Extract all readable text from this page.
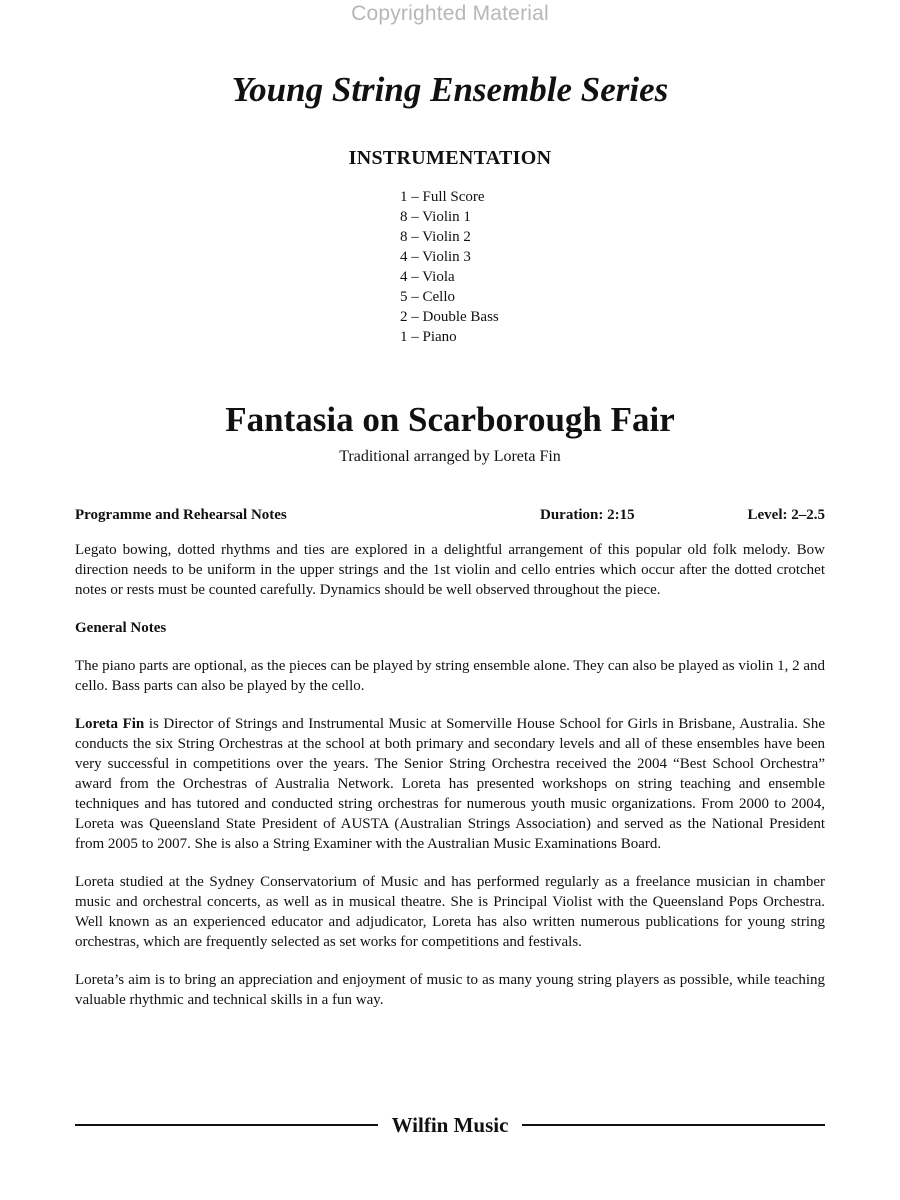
Copyrighted Material
Young String Ensemble Series
INSTRUMENTATION
1 – Full Score
8 – Violin 1
8 – Violin 2
4 – Violin 3
4 – Viola
5 – Cello
2 – Double Bass
1 – Piano
Fantasia on Scarborough Fair
Traditional arranged by Loreta Fin
Programme and Rehearsal Notes	Duration: 2:15	Level: 2–2.5

Legato bowing, dotted rhythms and ties are explored in a delightful arrangement of this popular old folk melody. Bow direction needs to be uniform in the upper strings and the 1st violin and cello entries which occur after the dotted crotchet notes or rests must be counted carefully. Dynamics should be well observed throughout the piece.

General Notes

The piano parts are optional, as the pieces can be played by string ensemble alone. They can also be played as violin 1, 2 and cello. Bass parts can also be played by the cello.

Loreta Fin is Director of Strings and Instrumental Music at Somerville House School for Girls in Brisbane, Australia. She conducts the six String Orchestras at the school at both primary and secondary levels and all of these ensembles have been very successful in competitions over the years. The Senior String Orchestra received the 2004 “Best School Orchestra” award from the Orchestras of Australia Network. Loreta has presented workshops on string teaching and ensemble techniques and has tutored and conducted string orchestras for numerous youth music organizations. From 2000 to 2004, Loreta was Queensland State President of AUSTA (Australian Strings Association) and served as the National President from 2005 to 2007. She is also a String Examiner with the Australian Music Examinations Board.

Loreta studied at the Sydney Conservatorium of Music and has performed regularly as a freelance musician in chamber music and orchestral concerts, as well as in musical theatre. She is Principal Violist with the Queensland Pops Orchestra. Well known as an experienced educator and adjudicator, Loreta has also written numerous publications for young string orchestras, which are frequently selected as set works for competitions and festivals.

Loreta’s aim is to bring an appreciation and enjoyment of music to as many young string players as possible, while teaching valuable rhythmic and technical skills in a fun way.

Wilfin Music
